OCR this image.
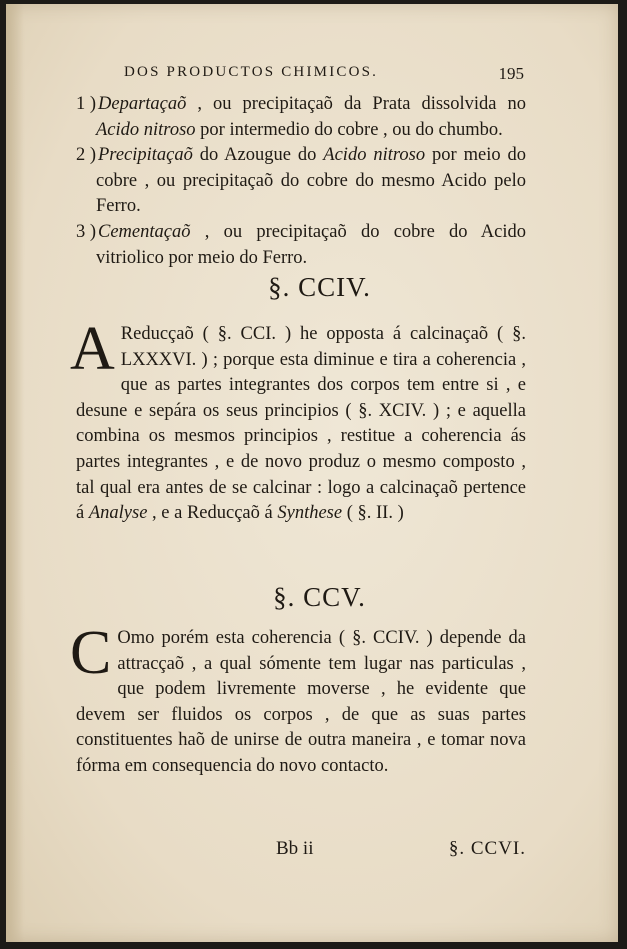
DOS PRODUCTOS CHIMICOS.	195
1 ) Departaçaõ , ou precipitaçaõ da Prata dissolvida no Acido nitroso por intermedio do cobre , ou do chumbo.
2 ) Precipitaçaõ do Azougue do Acido nitroso por meio do cobre , ou precipitaçaõ do cobre do mesmo Acido pelo Ferro.
3 ) Cementaçaõ , ou precipitaçaõ do cobre do Acido vitriolico por meio do Ferro.
§. CCIV.
A Reducçaõ ( §. CCI. ) he opposta á calcinaçaõ ( §. LXXXVI. ) ; porque esta diminue e tira a coherencia , que as partes integrantes dos corpos tem entre si , e desune e sepára os seus principios ( §. XCIV. ) ; e aquella combina os mesmos principios , restitue a coherencia ás partes integrantes , e de novo produz o mesmo composto , tal qual era antes de se calcinar : logo a calcinaçaõ pertence á Analyse , e a Reducçaõ á Synthese ( §. II. )
§. CCV.
C Omo porém esta coherencia ( §. CCIV. ) depende da attracçaõ , a qual sómente tem lugar nas particulas , que podem livremente moverse , he evidente que devem ser fluidos os corpos , de que as suas partes constituentes haõ de unirse de outra maneira , e tomar nova fórma em consequencia do novo contacto.
Bb ii	§. CCVI.
